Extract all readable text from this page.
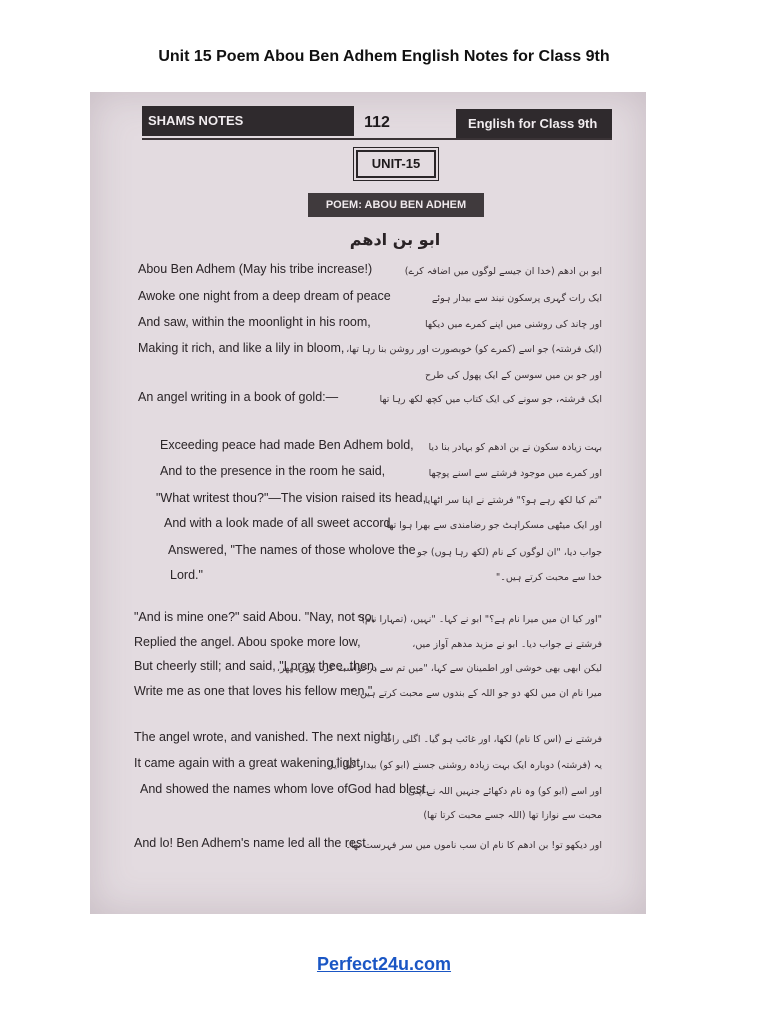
Unit 15 Poem Abou Ben Adhem English Notes for Class 9th
SHAMS NOTES	112	English for Class 9th
UNIT-15
POEM: ABOU BEN ADHEM
ابو بن ادھم
Abou Ben Adhem (May his tribe increase!)
Awoke one night from a deep dream of peace
And saw, within the moonlight in his room,
Making it rich, and like a lily in bloom,
An angel writing in a book of gold:—
ابو بن ادھم (خدا ان جیسے لوگوں میں اضافہ کرے)
ایک رات گہری پرسکون نیند سے بیدار ہوئے
اور چاند کی روشنی میں اپنے کمرے میں دیکھا
(ایک فرشتہ) جو اسے (کمرے کو) خوبصورت اور روشن بنا رہا تھا،
اور جو بن میں سوسن کے ایک پھول کی طرح
ایک فرشتہ، جو سونے کی ایک کتاب میں کچھ لکھ رہا تھا
Exceeding peace had made Ben Adhem bold,
And to the presence in the room he said,
"What writest thou?"—The vision raised its head,
And with a look made of all sweet accord,
Answered, "The names of those wholove the
Lord."
بہت زیادہ سکون نے بن ادھم کو بہادر بنا دیا
اور کمرے میں موجود فرشتے سے اسنے پوچھا
"تم کیا لکھ رہے ہو؟" فرشتے نے اپنا سر اٹھایا
اور ایک میٹھی مسکراہٹ جو رضامندی سے بھرا ہوا تھا
جواب دیا، "ان لوگوں کے نام (لکھ رہا ہوں) جو
خدا سے محبت کرتے ہیں۔"
"And is mine one?" said Abou. "Nay, not so,
Replied the angel. Abou spoke more low,
But cheerly still; and said, "I pray thee, then,
Write me as one that loves his fellow men."
"اور کیا ان میں میرا نام ہے؟" ابو نے کہا۔ "نہیں، (تمہارا نام)"
فرشتے نے جواب دیا۔ ابو نے مزید مدھم آواز میں،
لیکن ابھی بھی خوشی اور اطمینان سے کہا، "میں تم سے درخواست کرتا ہوں، پھر،
میرا نام ان میں لکھ دو جو اللہ کے بندوں سے محبت کرتے ہیں۔"
The angel wrote, and vanished. The next night
It came again with a great wakening light,
And showed the names whom love ofGod had blest,
And lo! Ben Adhem's name led all the rest
فرشتے نے (اس کا نام) لکھا، اور غائب ہو گیا۔ اگلی رات
یہ (فرشتہ) دوبارہ ایک بہت زیادہ روشنی جسنے (ابو کو) بیدار کیا، آیا،
اور اسے (ابو کو) وہ نام دکھائے جنہیں اللہ نے اپنی
محبت سے نوازا تھا (اللہ جسے محبت کرتا تھا)
اور دیکھو تو! بن ادھم کا نام ان سب ناموں میں سر فہرست تھا۔
Perfect24u.com
